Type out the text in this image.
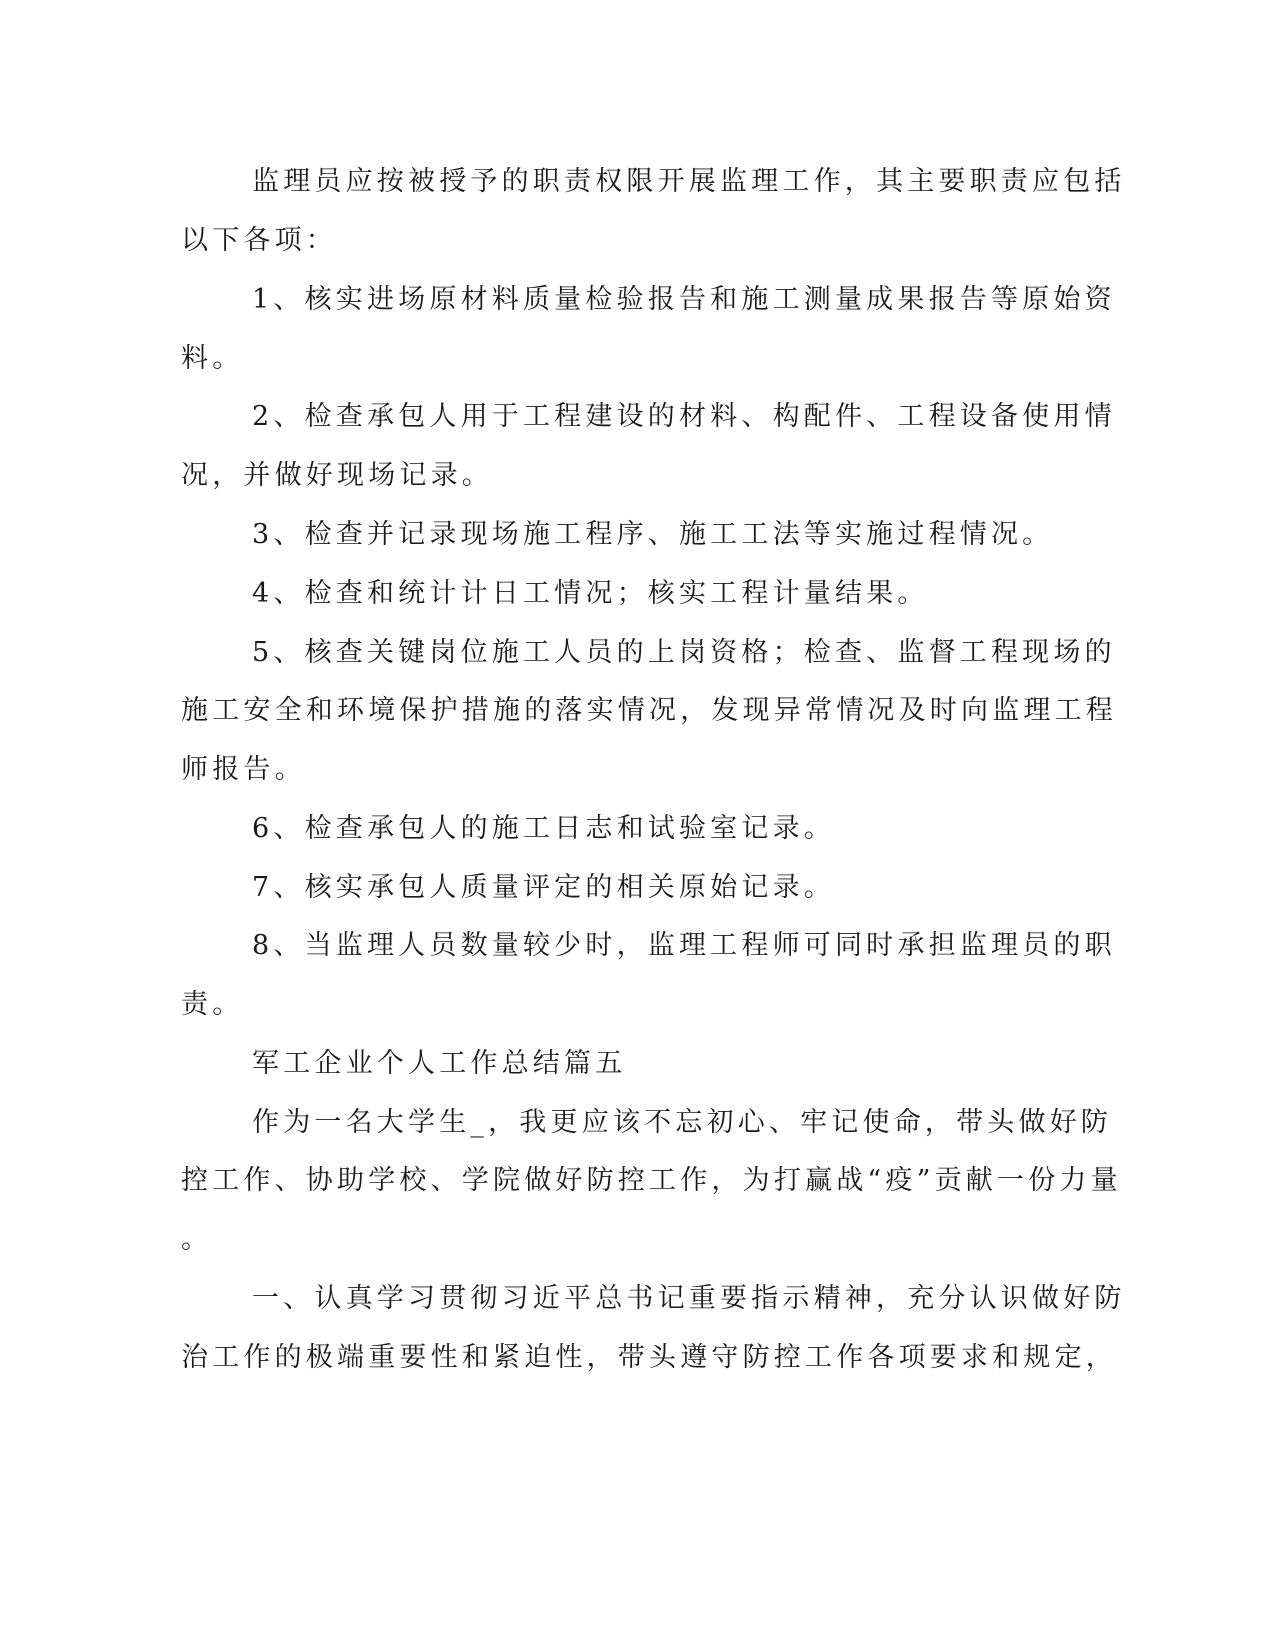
监理员应按被授予的职责权限开展监理工作，其主要职责应包括
以下各项：
1、核实进场原材料质量检验报告和施工测量成果报告等原始资
料。
2、检查承包人用于工程建设的材料、构配件、工程设备使用情
况，并做好现场记录。
3、检查并记录现场施工程序、施工工法等实施过程情况。
4、检查和统计计日工情况；核实工程计量结果。
5、核查关键岗位施工人员的上岗资格；检查、监督工程现场的
施工安全和环境保护措施的落实情况，发现异常情况及时向监理工程
师报告。
6、检查承包人的施工日志和试验室记录。
7、核实承包人质量评定的相关原始记录。
8、当监理人员数量较少时，监理工程师可同时承担监理员的职
责。
军工企业个人工作总结篇五
作为一名大学生_，我更应该不忘初心、牢记使命，带头做好防
控工作、协助学校、学院做好防控工作，为打赢战“疫”贡献一份力量
。
一、认真学习贯彻习近平总书记重要指示精神，充分认识做好防
治工作的极端重要性和紧迫性，带头遵守防控工作各项要求和规定，
